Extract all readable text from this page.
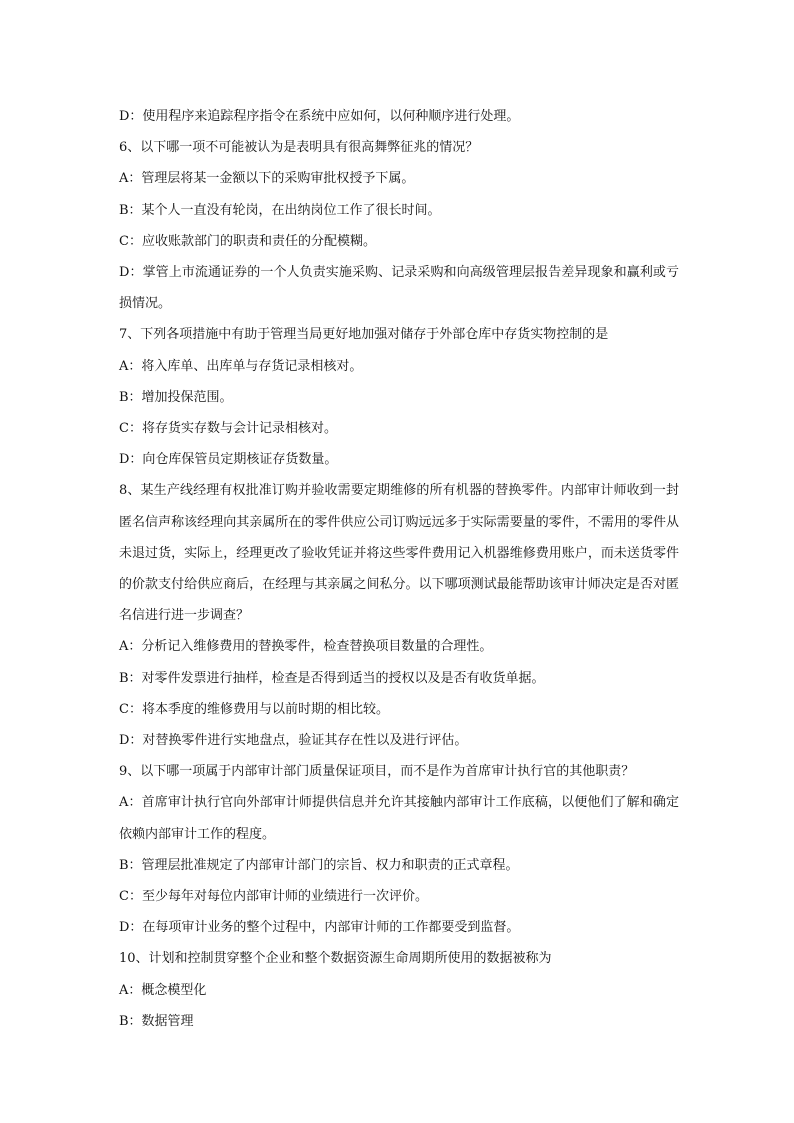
D：使用程序来追踪程序指令在系统中应如何，以何种顺序进行处理。

6、以下哪一项不可能被认为是表明具有很高舞弊征兆的情况？

A：管理层将某一金额以下的采购审批权授予下属。

B：某个人一直没有轮岗，在出纳岗位工作了很长时间。

C：应收账款部门的职责和责任的分配模糊。

D：掌管上市流通证券的一个人负责实施采购、记录采购和向高级管理层报告差异现象和赢利或亏损情况。

7、下列各项措施中有助于管理当局更好地加强对储存于外部仓库中存货实物控制的是

A：将入库单、出库单与存货记录相核对。

B：增加投保范围。

C：将存货实存数与会计记录相核对。

D：向仓库保管员定期核证存货数量。

8、某生产线经理有权批准订购并验收需要定期维修的所有机器的替换零件。内部审计师收到一封匿名信声称该经理向其亲属所在的零件供应公司订购远远多于实际需要量的零件，不需用的零件从未退过货，实际上，经理更改了验收凭证并将这些零件费用记入机器维修费用账户，而未送货零件的价款支付给供应商后，在经理与其亲属之间私分。以下哪项测试最能帮助该审计师决定是否对匿名信进行进一步调查？

A：分析记入维修费用的替换零件，检查替换项目数量的合理性。

B：对零件发票进行抽样，检查是否得到适当的授权以及是否有收货单据。

C：将本季度的维修费用与以前时期的相比较。

D：对替换零件进行实地盘点，验证其存在性以及进行评估。

9、以下哪一项属于内部审计部门质量保证项目，而不是作为首席审计执行官的其他职责？

A：首席审计执行官向外部审计师提供信息并允许其接触内部审计工作底稿，以便他们了解和确定依赖内部审计工作的程度。

B：管理层批准规定了内部审计部门的宗旨、权力和职责的正式章程。

C：至少每年对每位内部审计师的业绩进行一次评价。

D：在每项审计业务的整个过程中，内部审计师的工作都要受到监督。

10、计划和控制贯穿整个企业和整个数据资源生命周期所使用的数据被称为

A：概念模型化

B：数据管理
